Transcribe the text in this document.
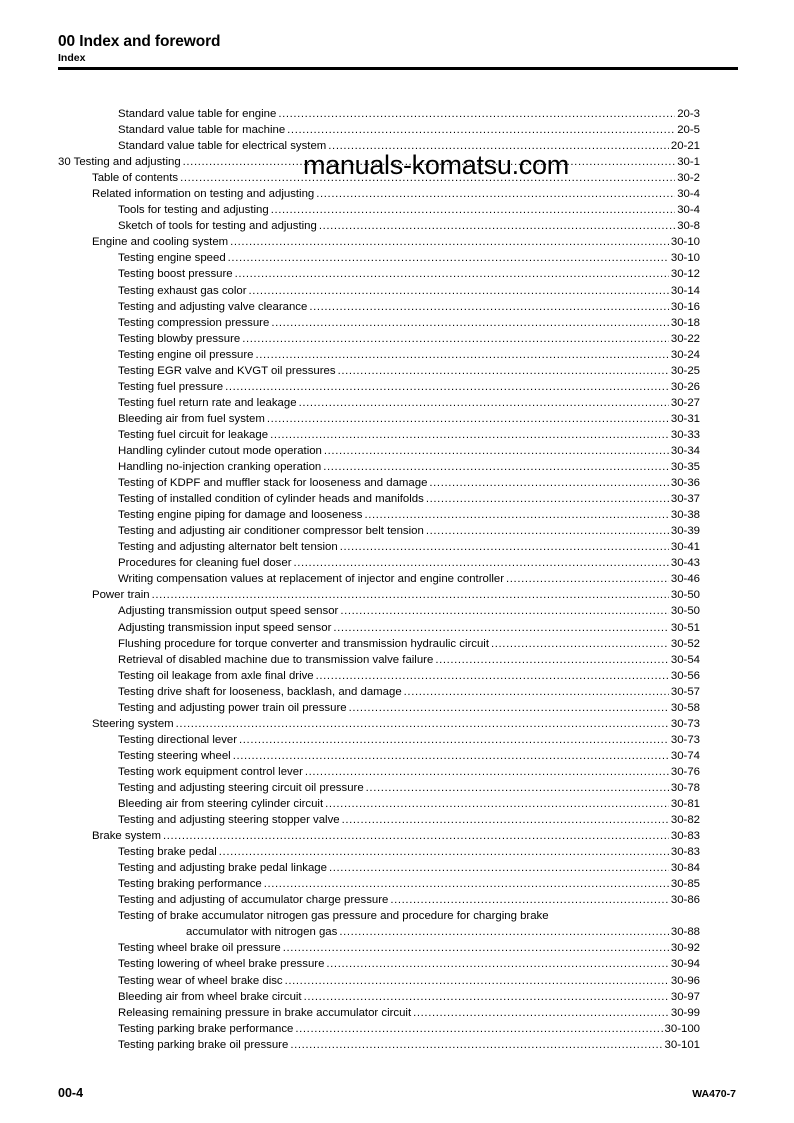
00 Index and foreword
Index
Standard value table for engine .....	20-3
Standard value table for machine .....	20-5
Standard value table for electrical system .....	20-21
30 Testing and adjusting .....	30-1
Table of contents .....	30-2
Related information on testing and adjusting .....	30-4
Tools for testing and adjusting .....	30-4
Sketch of tools for testing and adjusting .....	30-8
Engine and cooling system .....	30-10
Testing engine speed .....	30-10
Testing boost pressure .....	30-12
Testing exhaust gas color .....	30-14
Testing and adjusting valve clearance .....	30-16
Testing compression pressure .....	30-18
Testing blowby pressure .....	30-22
Testing engine oil pressure .....	30-24
Testing EGR valve and KVGT oil pressures .....	30-25
Testing fuel pressure .....	30-26
Testing fuel return rate and leakage .....	30-27
Bleeding air from fuel system .....	30-31
Testing fuel circuit for leakage .....	30-33
Handling cylinder cutout mode operation .....	30-34
Handling no-injection cranking operation .....	30-35
Testing of KDPF and muffler stack for looseness and damage .....	30-36
Testing of installed condition of cylinder heads and manifolds .....	30-37
Testing engine piping for damage and looseness .....	30-38
Testing and adjusting air conditioner compressor belt tension .....	30-39
Testing and adjusting alternator belt tension .....	30-41
Procedures for cleaning fuel doser .....	30-43
Writing compensation values at replacement of injector and engine controller .....	30-46
Power train .....	30-50
Adjusting transmission output speed sensor .....	30-50
Adjusting transmission input speed sensor .....	30-51
Flushing procedure for torque converter and transmission hydraulic circuit .....	30-52
Retrieval of disabled machine due to transmission valve failure .....	30-54
Testing oil leakage from axle final drive .....	30-56
Testing drive shaft for looseness, backlash, and damage .....	30-57
Testing and adjusting power train oil pressure .....	30-58
Steering system .....	30-73
Testing directional lever .....	30-73
Testing steering wheel .....	30-74
Testing work equipment control lever .....	30-76
Testing and adjusting steering circuit oil pressure .....	30-78
Bleeding air from steering cylinder circuit .....	30-81
Testing and adjusting steering stopper valve .....	30-82
Brake system .....	30-83
Testing brake pedal .....	30-83
Testing and adjusting brake pedal linkage .....	30-84
Testing braking performance .....	30-85
Testing and adjusting of accumulator charge pressure .....	30-86
Testing of brake accumulator nitrogen gas pressure and procedure for charging brake
accumulator with nitrogen gas .....	30-88
Testing wheel brake oil pressure .....	30-92
Testing lowering of wheel brake pressure .....	30-94
Testing wear of wheel brake disc .....	30-96
Bleeding air from wheel brake circuit .....	30-97
Releasing remaining pressure in brake accumulator circuit .....	30-99
Testing parking brake performance .....	30-100
Testing parking brake oil pressure .....	30-101
manuals-komatsu.com
00-4	WA470-7
